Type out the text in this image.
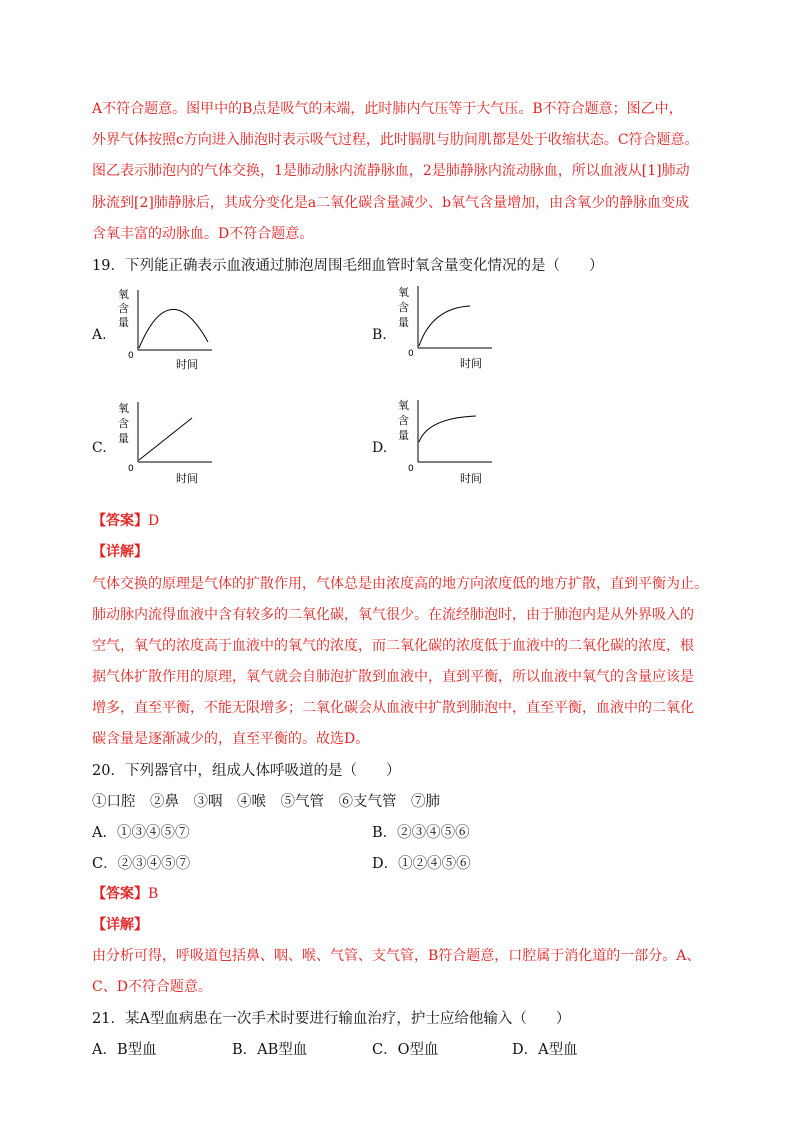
A不符合题意。图甲中的B点是吸气的末端，此时肺内气压等于大气压。B不符合题意；图乙中，
外界气体按照c方向进入肺泡时表示吸气过程，此时膈肌与肋间肌都是处于收缩状态。C符合题意。
图乙表示肺泡内的气体交换，1是肺动脉内流静脉血，2是肺静脉内流动脉血，所以血液从[1]肺动
脉流到[2]肺静脉后，其成分变化是a二氧化碳含量减少、b氧气含量增加，由含氧少的静脉血变成
含氧丰富的动脉血。D不符合题意。
19．下列能正确表示血液通过肺泡周围毛细血管时氧含量变化情况的是（　　）
A.
氧
含
量
0
时间
B.
氧
含
量
0
时间
C.
氧
含
量
0
时间
D.
氧
含
量
0
时间
【答案】D
【详解】
气体交换的原理是气体的扩散作用，气体总是由浓度高的地方向浓度低的地方扩散，直到平衡为止。
肺动脉内流得血液中含有较多的二氧化碳，氧气很少。在流经肺泡时，由于肺泡内是从外界吸入的
空气，氧气的浓度高于血液中的氧气的浓度，而二氧化碳的浓度低于血液中的二氧化碳的浓度，根
据气体扩散作用的原理，氧气就会自肺泡扩散到血液中，直到平衡，所以血液中氧气的含量应该是
增多，直至平衡，不能无限增多；二氧化碳会从血液中扩散到肺泡中，直至平衡，血液中的二氧化
碳含量是逐渐减少的，直至平衡的。故选D。
20．下列器官中，组成人体呼吸道的是（　　）
①口腔　②鼻　③咽　④喉　⑤气管　⑥支气管　⑦肺
A．①③④⑤⑦	B．②③④⑤⑥
C．②③④⑤⑦	D．①②④⑤⑥
【答案】B
【详解】
由分析可得，呼吸道包括鼻、咽、喉、气管、支气管，B符合题意，口腔属于消化道的一部分。A、
C、D不符合题意。
21．某A型血病患在一次手术时要进行输血治疗，护士应给他输入（　　）
A．B型血	B．AB型血	C．O型血	D．A型血
